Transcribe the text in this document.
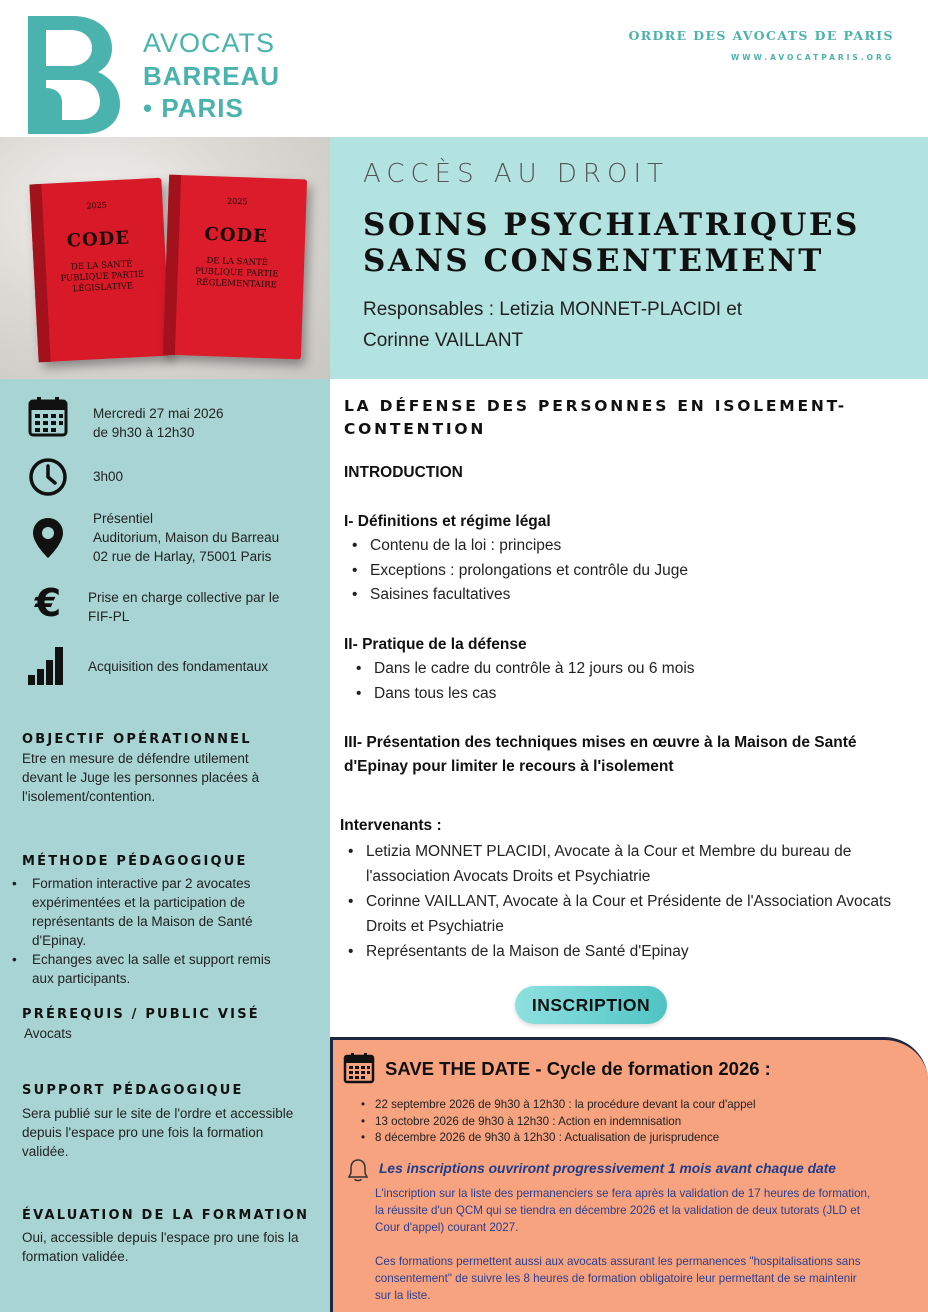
AVOCATS
BARREAU
• PARIS
ORDRE DES AVOCATS DE PARIS
WWW.AVOCATPARIS.ORG
2025
CODE
DE LA SANTÉ PUBLIQUE PARTIE LÉGISLATIVE
2025
CODE
DE LA SANTÉ PUBLIQUE PARTIE RÉGLEMENTAIRE
ACCÈS AU DROIT
SOINS PSYCHIATRIQUES
SANS CONSENTEMENT
Responsables : Letizia MONNET-PLACIDI et
Corinne VAILLANT
Mercredi 27 mai 2026
de 9h30 à 12h30
3h00
Présentiel
Auditorium, Maison du Barreau
02 rue de Harlay, 75001 Paris
€	Prise en charge collective par le
FIF-PL
Acquisition des fondamentaux
OBJECTIF OPÉRATIONNEL
Etre en mesure de défendre utilement devant le Juge les personnes placées à l'isolement/contention.
MÉTHODE PÉDAGOGIQUE
• Formation interactive par 2 avocates expérimentées et la participation de représentants de la Maison de Santé d'Epinay.
• Echanges avec la salle et support remis aux participants.
PRÉREQUIS / PUBLIC VISÉ
Avocats
SUPPORT PÉDAGOGIQUE
Sera publié sur le site de l'ordre et accessible depuis l'espace pro une fois la formation validée.
ÉVALUATION DE LA FORMATION
Oui, accessible depuis l'espace pro une fois la formation validée.
LA DÉFENSE DES PERSONNES EN ISOLEMENT-CONTENTION
INTRODUCTION
I- Définitions et régime légal
• Contenu de la loi : principes
• Exceptions : prolongations et contrôle du Juge
• Saisines facultatives
II- Pratique de la défense
• Dans le cadre du contrôle à 12 jours ou 6 mois
• Dans tous les cas
III- Présentation des techniques mises en œuvre à la Maison de Santé
d'Epinay pour limiter le recours à l'isolement
Intervenants :
• Letizia MONNET PLACIDI, Avocate à la Cour et Membre du bureau de l'association Avocats Droits et Psychiatrie
• Corinne VAILLANT, Avocate à la Cour et Présidente de l'Association Avocats Droits et Psychiatrie
• Représentants de la Maison de Santé d'Epinay
INSCRIPTION
SAVE THE DATE - Cycle de formation 2026 :
• 22 septembre 2026 de 9h30 à 12h30 : la procédure devant la cour d'appel
• 13 octobre 2026 de 9h30 à 12h30 : Action en indemnisation
• 8 décembre 2026 de 9h30 à 12h30 : Actualisation de jurisprudence
Les inscriptions ouvriront progressivement 1 mois avant chaque date
L'inscription sur la liste des permanenciers se fera après la validation de 17 heures de formation, la réussite d'un QCM qui se tiendra en décembre 2026 et la validation de deux tutorats (JLD et Cour d'appel) courant 2027.
Ces formations permettent aussi aux avocats assurant les permanences "hospitalisations sans consentement" de suivre les 8 heures de formation obligatoire leur permettant de se maintenir sur la liste.
